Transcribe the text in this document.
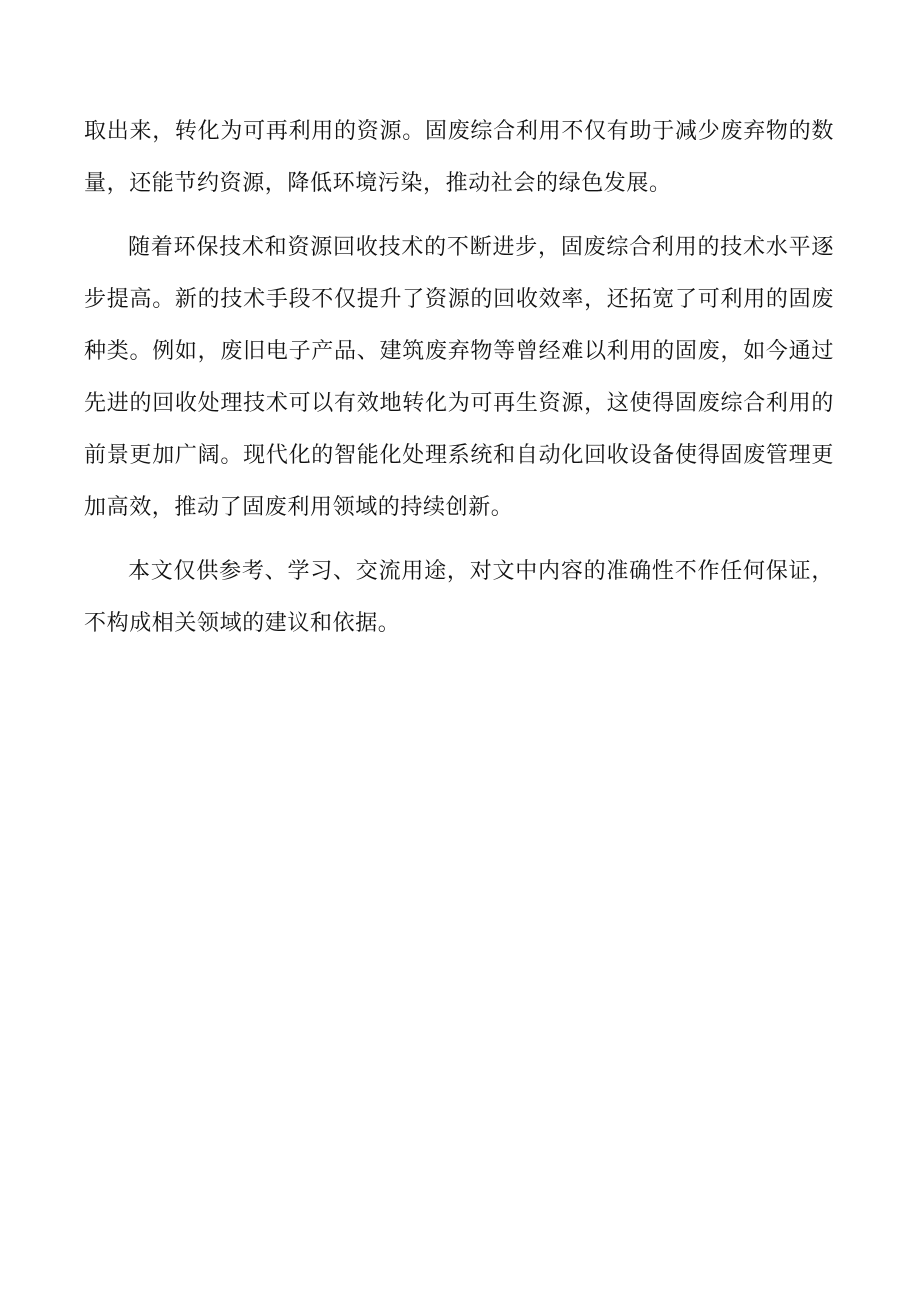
取出来，转化为可再利用的资源。固废综合利用不仅有助于减少废弃物的数量，还能节约资源，降低环境污染，推动社会的绿色发展。

随着环保技术和资源回收技术的不断进步，固废综合利用的技术水平逐步提高。新的技术手段不仅提升了资源的回收效率，还拓宽了可利用的固废种类。例如，废旧电子产品、建筑废弃物等曾经难以利用的固废，如今通过先进的回收处理技术可以有效地转化为可再生资源，这使得固废综合利用的前景更加广阔。现代化的智能化处理系统和自动化回收设备使得固废管理更加高效，推动了固废利用领域的持续创新。

本文仅供参考、学习、交流用途，对文中内容的准确性不作任何保证，不构成相关领域的建议和依据。
